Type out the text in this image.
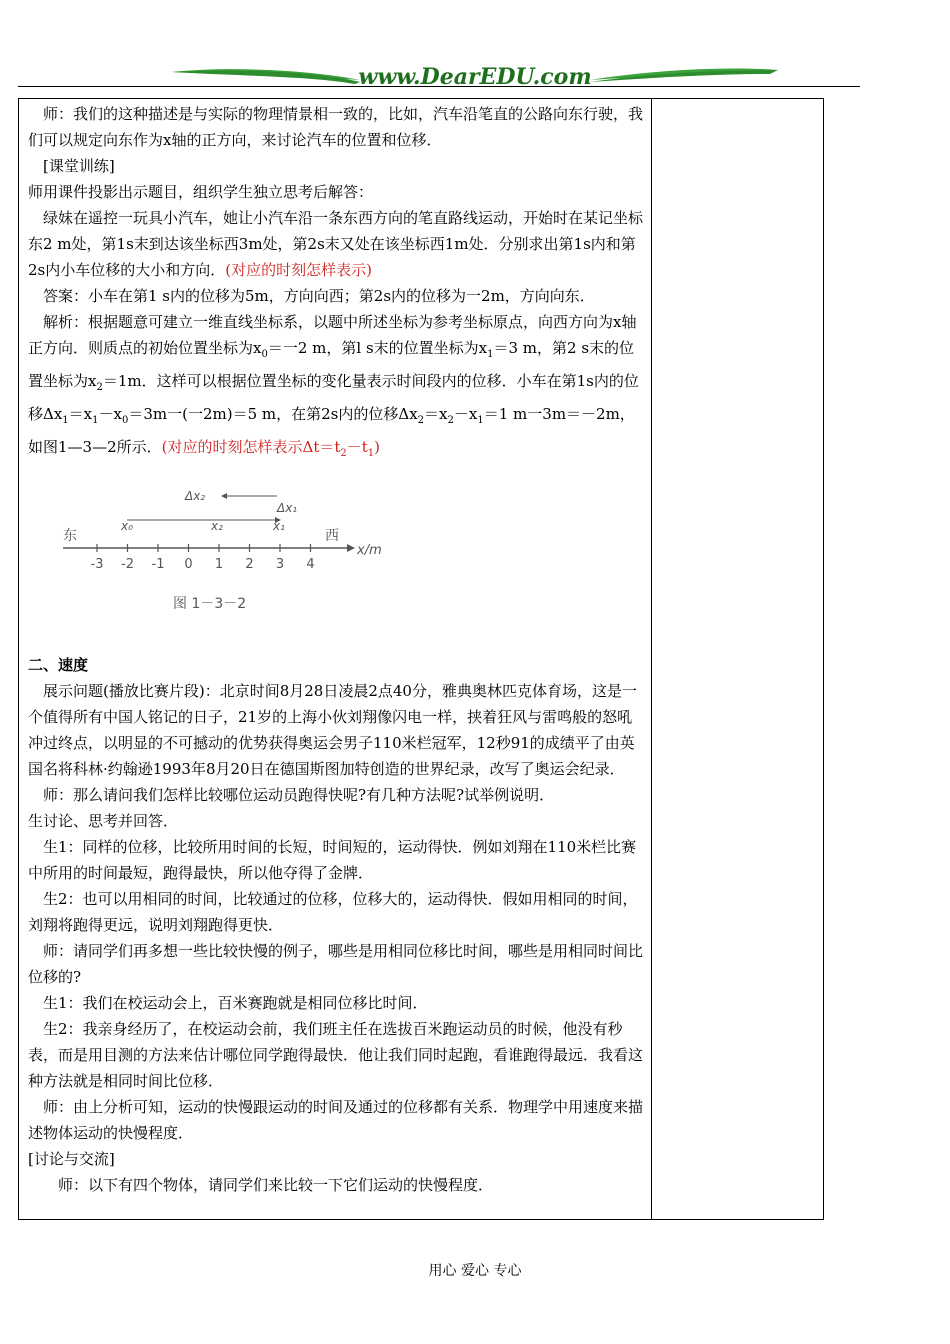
www.DearEDU.com

师：我们的这种描述是与实际的物理情景相一致的，比如，汽车沿笔直的公路向东行驶，我们可以规定向东作为x轴的正方向，来讨论汽车的位置和位移．

[课堂训练]

师用课件投影出示题目，组织学生独立思考后解答：

绿妹在遥控一玩具小汽车，她让小汽车沿一条东西方向的笔直路线运动，开始时在某记坐标东2 m处，第1s末到达该坐标西3m处，第2s末又处在该坐标西1m处．分别求出第1s内和第2s内小车位移的大小和方向．(对应的时刻怎样表示)

答案：小车在第1 s内的位移为5m，方向向西；第2s内的位移为一2m，方向向东．

解析：根据题意可建立一维直线坐标系，以题中所述坐标为参考坐标原点，向西方向为x轴正方向．则质点的初始位置坐标为$x_0=$一2 m，第l s末的位置坐标为$x_1=3$ m，第2 s末的位置坐标为$x_2=1m$．这样可以根据位置坐标的变化量表示时间段内的位移．小车在第1s内的位移$\Delta x_1=x_1-x_0=3m$一(一2m)＝5 m，在第2s内的位移$\Delta x_2=x_2-x_1=1$ m一3m＝－2m，如图1—3—2所示．(对应的时刻怎样表示$\Delta t=t_2-t_1$)

二、速度

展示问题(播放比赛片段)：北京时间8月28日凌晨2点40分，雅典奥林匹克体育场，这是一个值得所有中国人铭记的日子，21岁的上海小伙刘翔像闪电一样，挟着狂风与雷鸣般的怒吼冲过终点，以明显的不可撼动的优势获得奥运会男子110米栏冠军，12秒91的成绩平了由英国名将科林·约翰逊1993年8月20日在德国斯图加特创造的世界纪录，改写了奥运会纪录．

师：那么请问我们怎样比较哪位运动员跑得快呢?有几种方法呢?试举例说明．

生讨论、思考并回答．

生1：同样的位移，比较所用时间的长短，时间短的，运动得快．例如刘翔在110米栏比赛中所用的时间最短，跑得最快，所以他夺得了金牌．

生2：也可以用相同的时间，比较通过的位移，位移大的，运动得快．假如用相同的时间，刘翔将跑得更远，说明刘翔跑得更快．

师：请同学们再多想一些比较快慢的例子，哪些是用相同位移比时间，哪些是用相同时间比位移的?

生1：我们在校运动会上，百米赛跑就是相同位移比时间．

生2：我亲身经历了，在校运动会前，我们班主任在选拔百米跑运动员的时候，他没有秒表，而是用目测的方法来估计哪位同学跑得最快．他让我们同时起跑，看谁跑得最远．我看这种方法就是相同时间比位移．

师：由上分析可知，运动的快慢跟运动的时间及通过的位移都有关系．物理学中用速度来描述物体运动的快慢程度．

[讨论与交流]

师：以下有四个物体，请同学们来比较一下它们运动的快慢程度．

x/m
东	西
-3 -2 -1 0 1 2 3 4
Δx₂
Δx₁
x₀	x₂	x₁
图 1－3－2
用心 爱心 专心
